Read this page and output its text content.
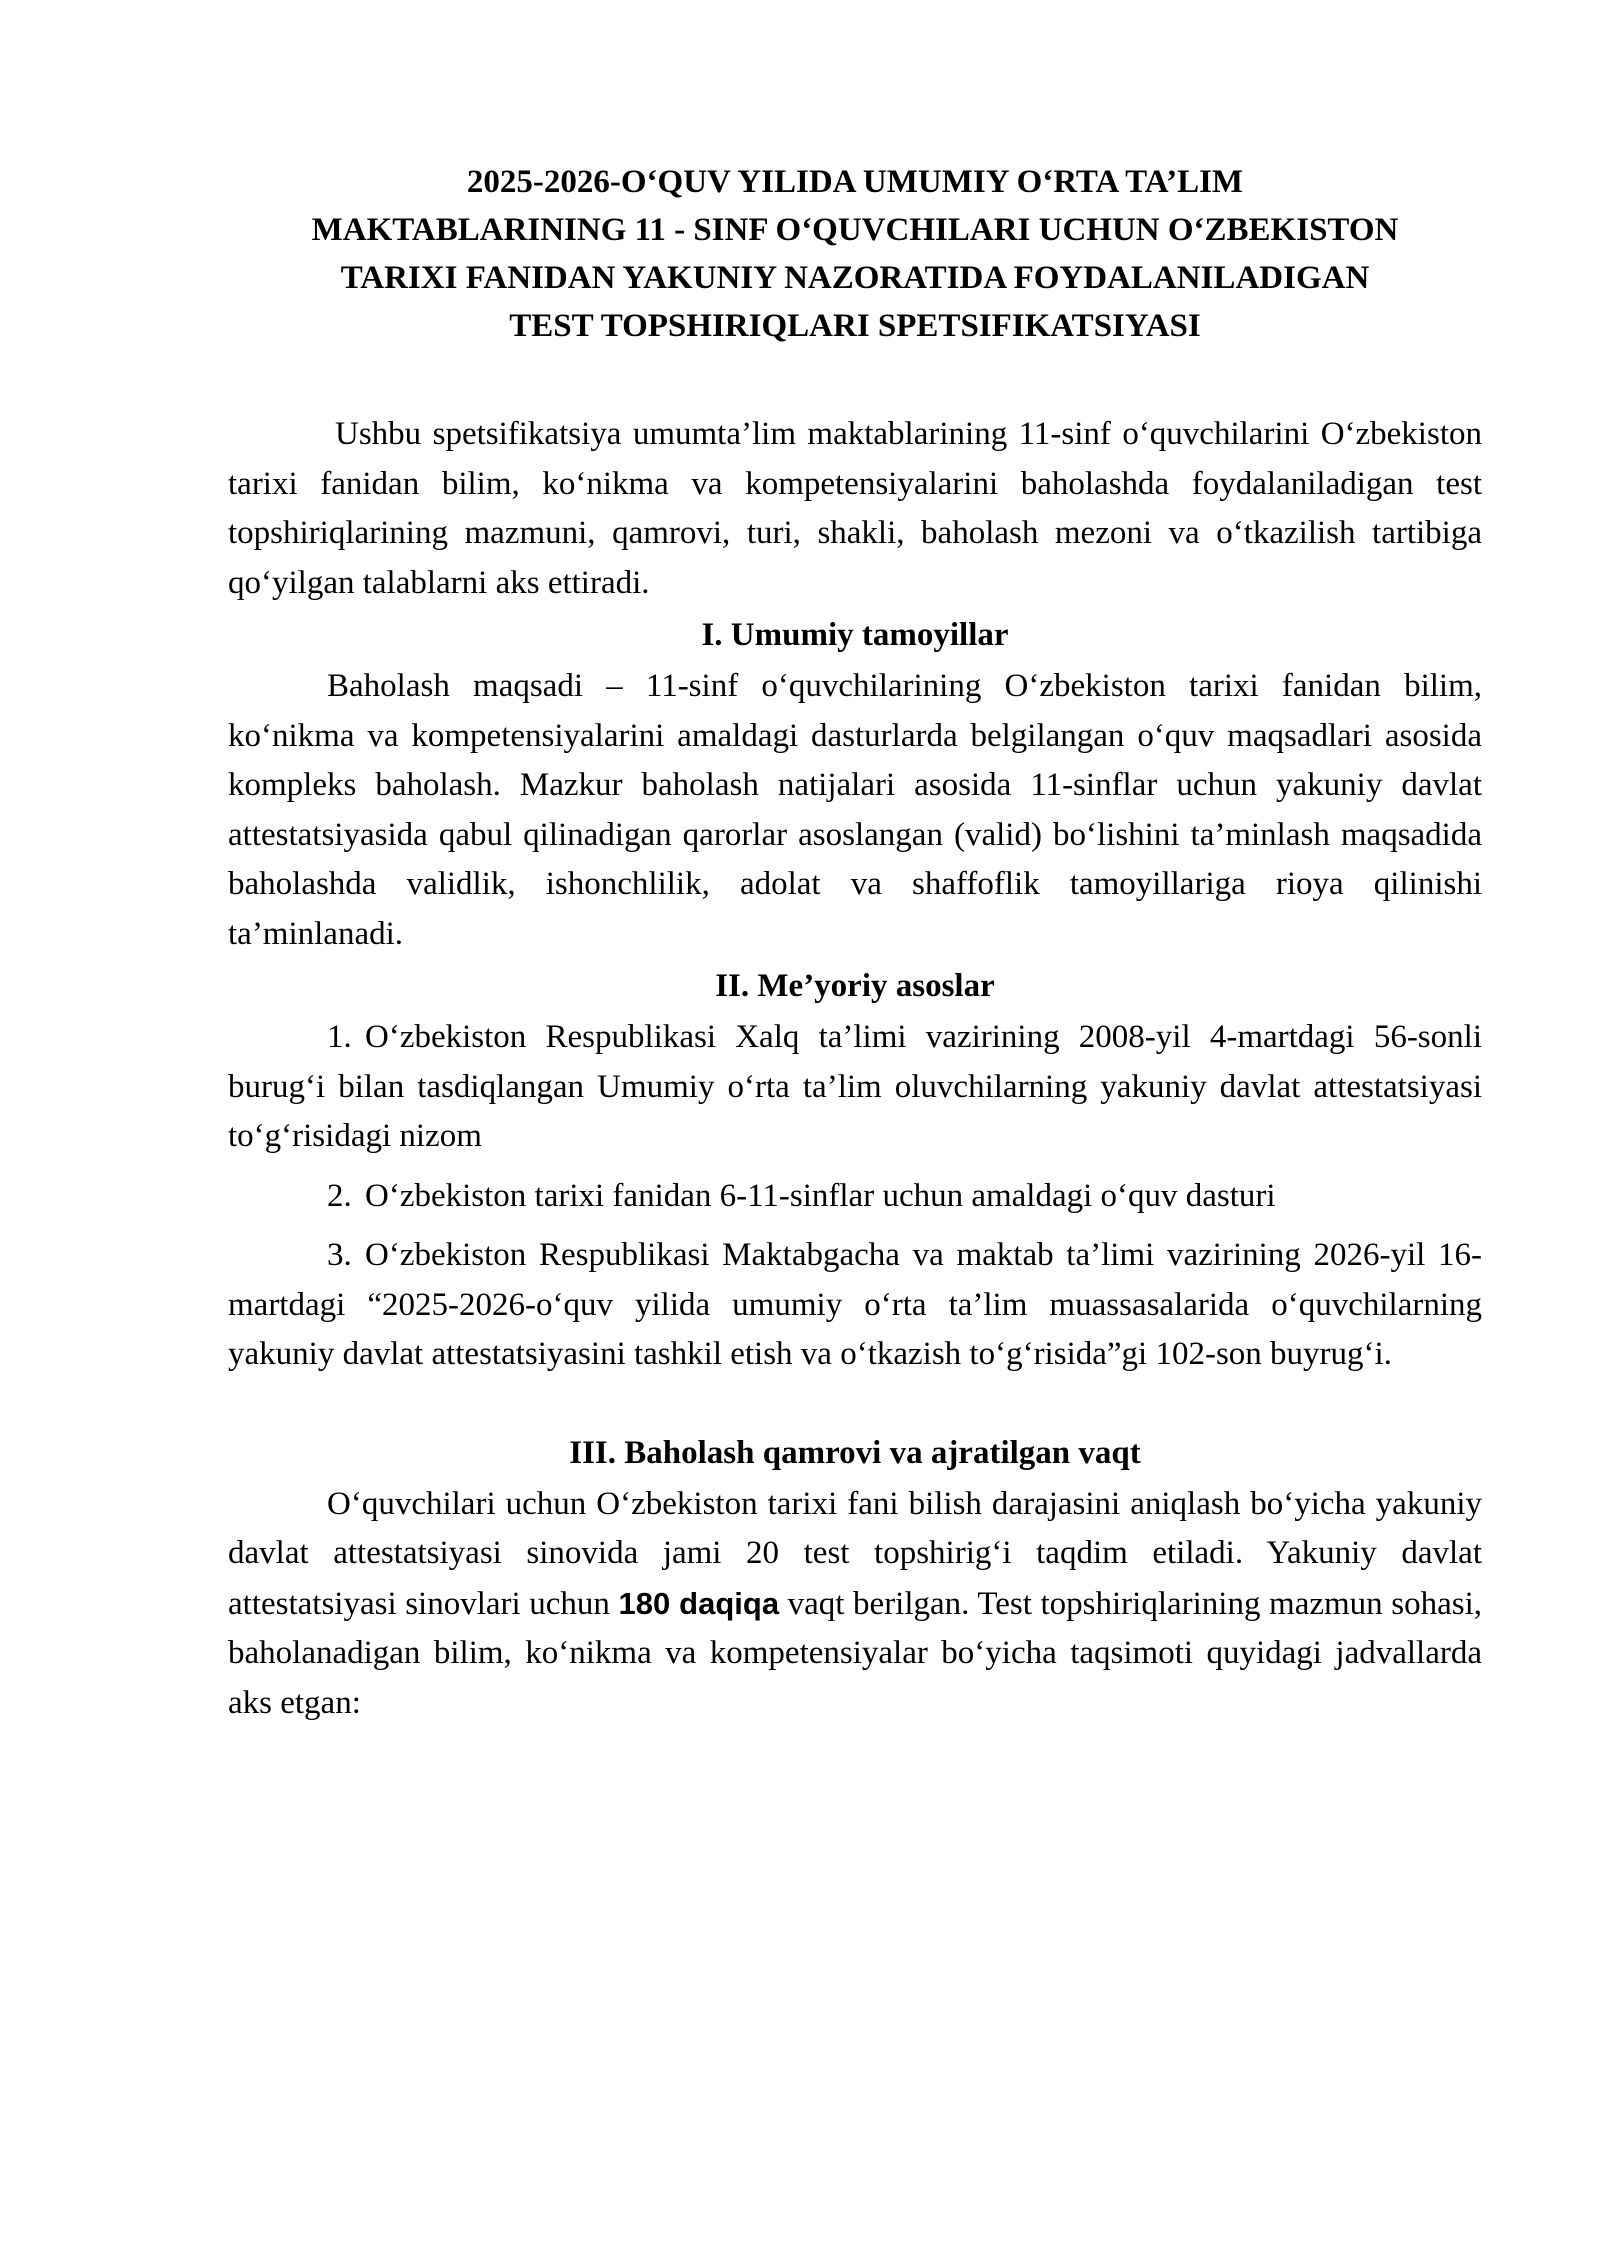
2025-2026-O‘QUV YILIDA UMUMIY O‘RTA TA’LIM
MAKTABLARINING 11 - SINF O‘QUVCHILARI UCHUN O‘ZBEKISTON
TARIXI FANIDAN YAKUNIY NAZORATIDA FOYDALANILADIGAN
TEST TOPSHIRIQLARI SPETSIFIKATSIYASI

Ushbu spetsifikatsiya umumta’lim maktablarining 11-sinf o‘quvchilarini O‘zbekiston tarixi fanidan bilim, ko‘nikma va kompetensiyalarini baholashda foydalaniladigan test topshiriqlarining mazmuni, qamrovi, turi, shakli, baholash mezoni va o‘tkazilish tartibiga qo‘yilgan talablarni aks ettiradi.

I. Umumiy tamoyillar

Baholash maqsadi – 11-sinf o‘quvchilarining O‘zbekiston tarixi fanidan bilim, ko‘nikma va kompetensiyalarini amaldagi dasturlarda belgilangan o‘quv maqsadlari asosida kompleks baholash. Mazkur baholash natijalari asosida 11-sinflar uchun yakuniy davlat attestatsiyasida qabul qilinadigan qarorlar asoslangan (valid) bo‘lishini ta’minlash maqsadida baholashda validlik, ishonchlilik, adolat va shaffoflik tamoyillariga rioya qilinishi ta’minlanadi.

II. Me’yoriy asoslar

1. O‘zbekiston Respublikasi Xalq ta’limi vazirining 2008-yil 4-martdagi 56-sonli burug‘i bilan tasdiqlangan Umumiy o‘rta ta’lim oluvchilarning yakuniy davlat attestatsiyasi to‘g‘risidagi nizom

2. O‘zbekiston tarixi fanidan 6-11-sinflar uchun amaldagi o‘quv dasturi

3. O‘zbekiston Respublikasi Maktabgacha va maktab ta’limi vazirining 2026-yil 16-martdagi “2025-2026-o‘quv yilida umumiy o‘rta ta’lim muassasalarida o‘quvchilarning yakuniy davlat attestatsiyasini tashkil etish va o‘tkazish to‘g‘risida”gi 102-son buyrug‘i.

III. Baholash qamrovi va ajratilgan vaqt

O‘quvchilari uchun O‘zbekiston tarixi fani bilish darajasini aniqlash bo‘yicha yakuniy davlat attestatsiyasi sinovida jami 20 test topshirig‘i taqdim etiladi. Yakuniy davlat attestatsiyasi sinovlari uchun 180 daqiqa vaqt berilgan. Test topshiriqlarining mazmun sohasi, baholanadigan bilim, ko‘nikma va kompetensiyalar bo‘yicha taqsimoti quyidagi jadvallarda aks etgan:
